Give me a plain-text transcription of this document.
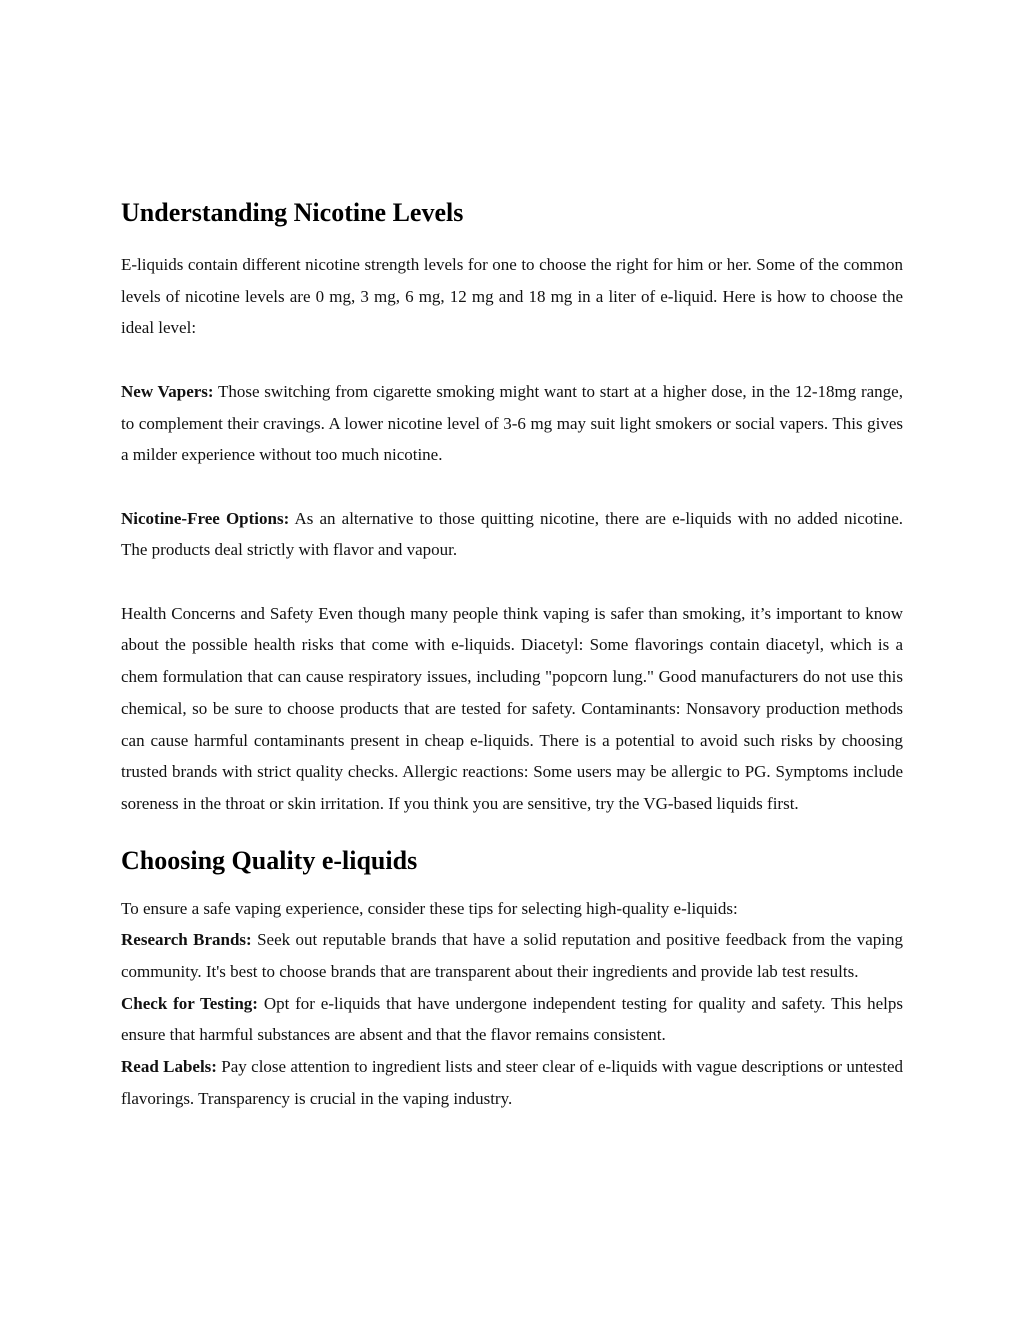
Understanding Nicotine Levels

E-liquids contain different nicotine strength levels for one to choose the right for him or her. Some of the common levels of nicotine levels are 0 mg, 3 mg, 6 mg, 12 mg and 18 mg in a liter of e-liquid. Here is how to choose the ideal level:

New Vapers: Those switching from cigarette smoking might want to start at a higher dose, in the 12-18mg range, to complement their cravings. A lower nicotine level of 3-6 mg may suit light smokers or social vapers. This gives a milder experience without too much nicotine.

Nicotine-Free Options: As an alternative to those quitting nicotine, there are e-liquids with no added nicotine. The products deal strictly with flavor and vapour.

Health Concerns and Safety Even though many people think vaping is safer than smoking, it’s important to know about the possible health risks that come with e-liquids. Diacetyl: Some flavorings contain diacetyl, which is a chem formulation that can cause respiratory issues, including "popcorn lung." Good manufacturers do not use this chemical, so be sure to choose products that are tested for safety. Contaminants: Nonsavory production methods can cause harmful contaminants present in cheap e-liquids. There is a potential to avoid such risks by choosing trusted brands with strict quality checks. Allergic reactions: Some users may be allergic to PG. Symptoms include soreness in the throat or skin irritation. If you think you are sensitive, try the VG-based liquids first.

Choosing Quality e-liquids

To ensure a safe vaping experience, consider these tips for selecting high-quality e-liquids:

Research Brands: Seek out reputable brands that have a solid reputation and positive feedback from the vaping community. It's best to choose brands that are transparent about their ingredients and provide lab test results.

Check for Testing: Opt for e-liquids that have undergone independent testing for quality and safety. This helps ensure that harmful substances are absent and that the flavor remains consistent.

Read Labels: Pay close attention to ingredient lists and steer clear of e-liquids with vague descriptions or untested flavorings. Transparency is crucial in the vaping industry.
